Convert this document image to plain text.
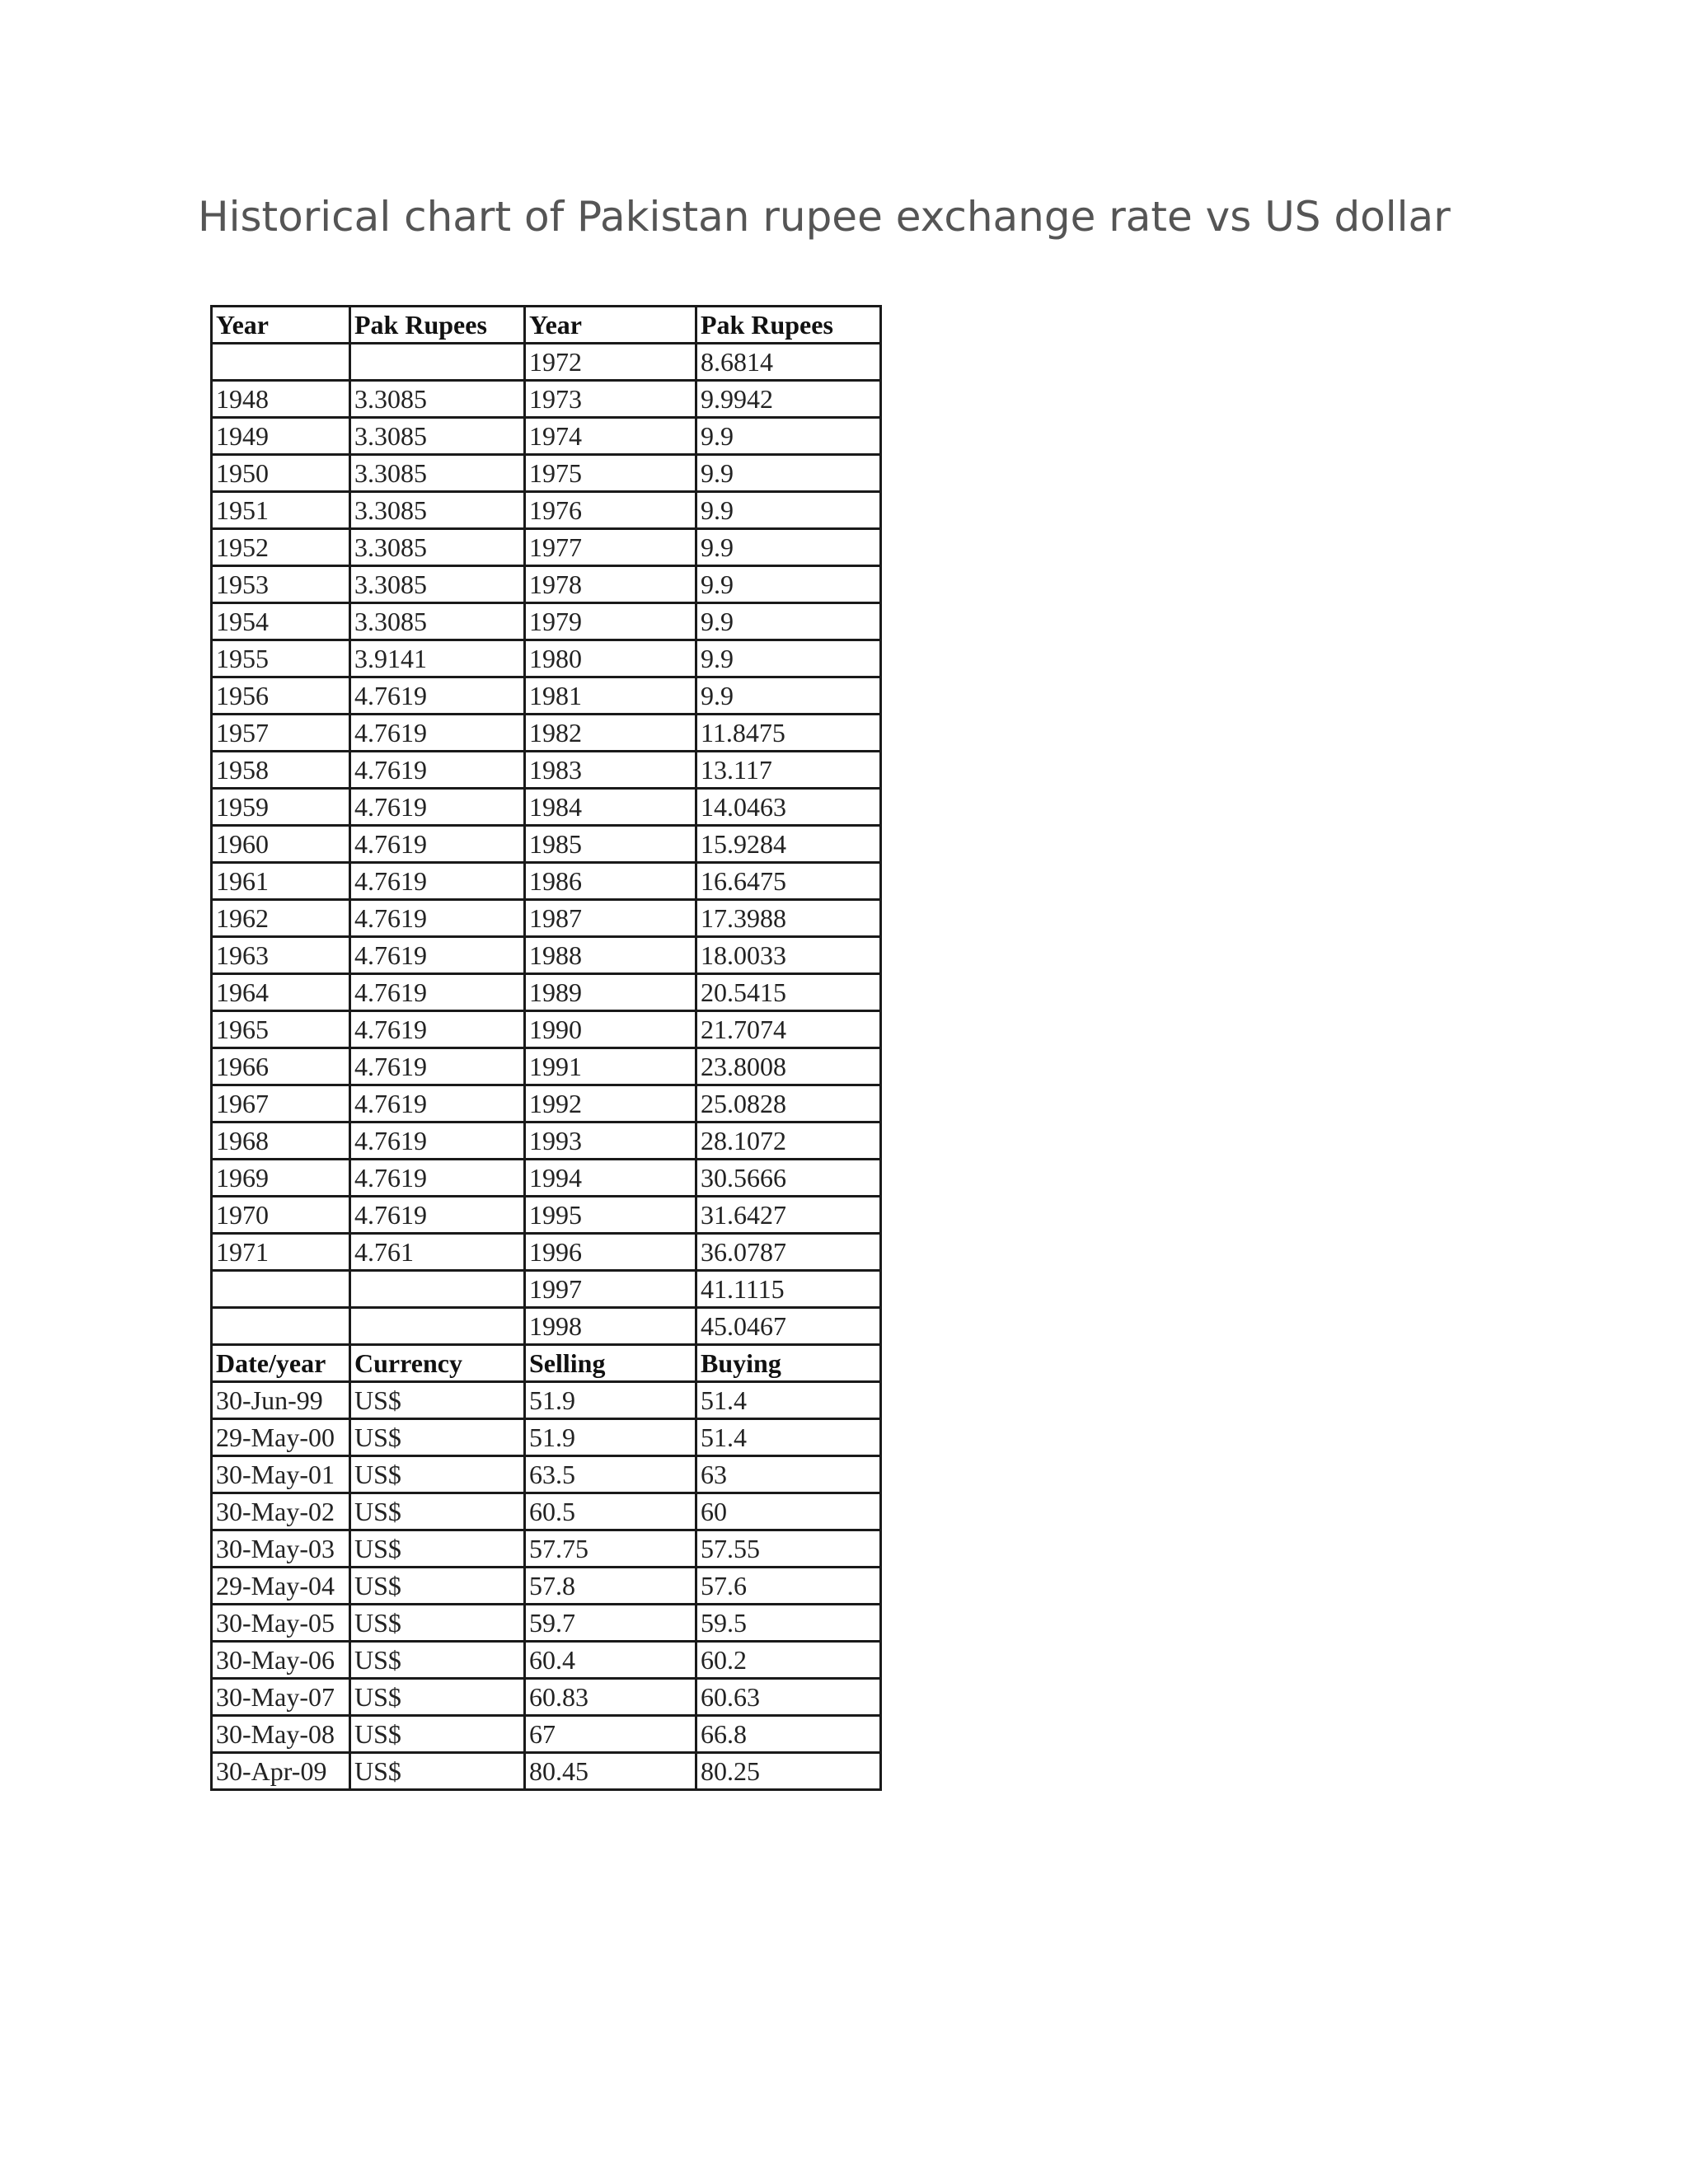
Historical chart of Pakistan rupee exchange rate vs US dollar
Year	Pak Rupees	Year	Pak Rupees
		1972	8.6814
1948	3.3085	1973	9.9942
1949	3.3085	1974	9.9
1950	3.3085	1975	9.9
1951	3.3085	1976	9.9
1952	3.3085	1977	9.9
1953	3.3085	1978	9.9
1954	3.3085	1979	9.9
1955	3.9141	1980	9.9
1956	4.7619	1981	9.9
1957	4.7619	1982	11.8475
1958	4.7619	1983	13.117
1959	4.7619	1984	14.0463
1960	4.7619	1985	15.9284
1961	4.7619	1986	16.6475
1962	4.7619	1987	17.3988
1963	4.7619	1988	18.0033
1964	4.7619	1989	20.5415
1965	4.7619	1990	21.7074
1966	4.7619	1991	23.8008
1967	4.7619	1992	25.0828
1968	4.7619	1993	28.1072
1969	4.7619	1994	30.5666
1970	4.7619	1995	31.6427
1971	4.761	1996	36.0787
		1997	41.1115
		1998	45.0467
Date/year	Currency	Selling	Buying
30-Jun-99	US$	51.9	51.4
29-May-00	US$	51.9	51.4
30-May-01	US$	63.5	63
30-May-02	US$	60.5	60
30-May-03	US$	57.75	57.55
29-May-04	US$	57.8	57.6
30-May-05	US$	59.7	59.5
30-May-06	US$	60.4	60.2
30-May-07	US$	60.83	60.63
30-May-08	US$	67	66.8
30-Apr-09	US$	80.45	80.25
